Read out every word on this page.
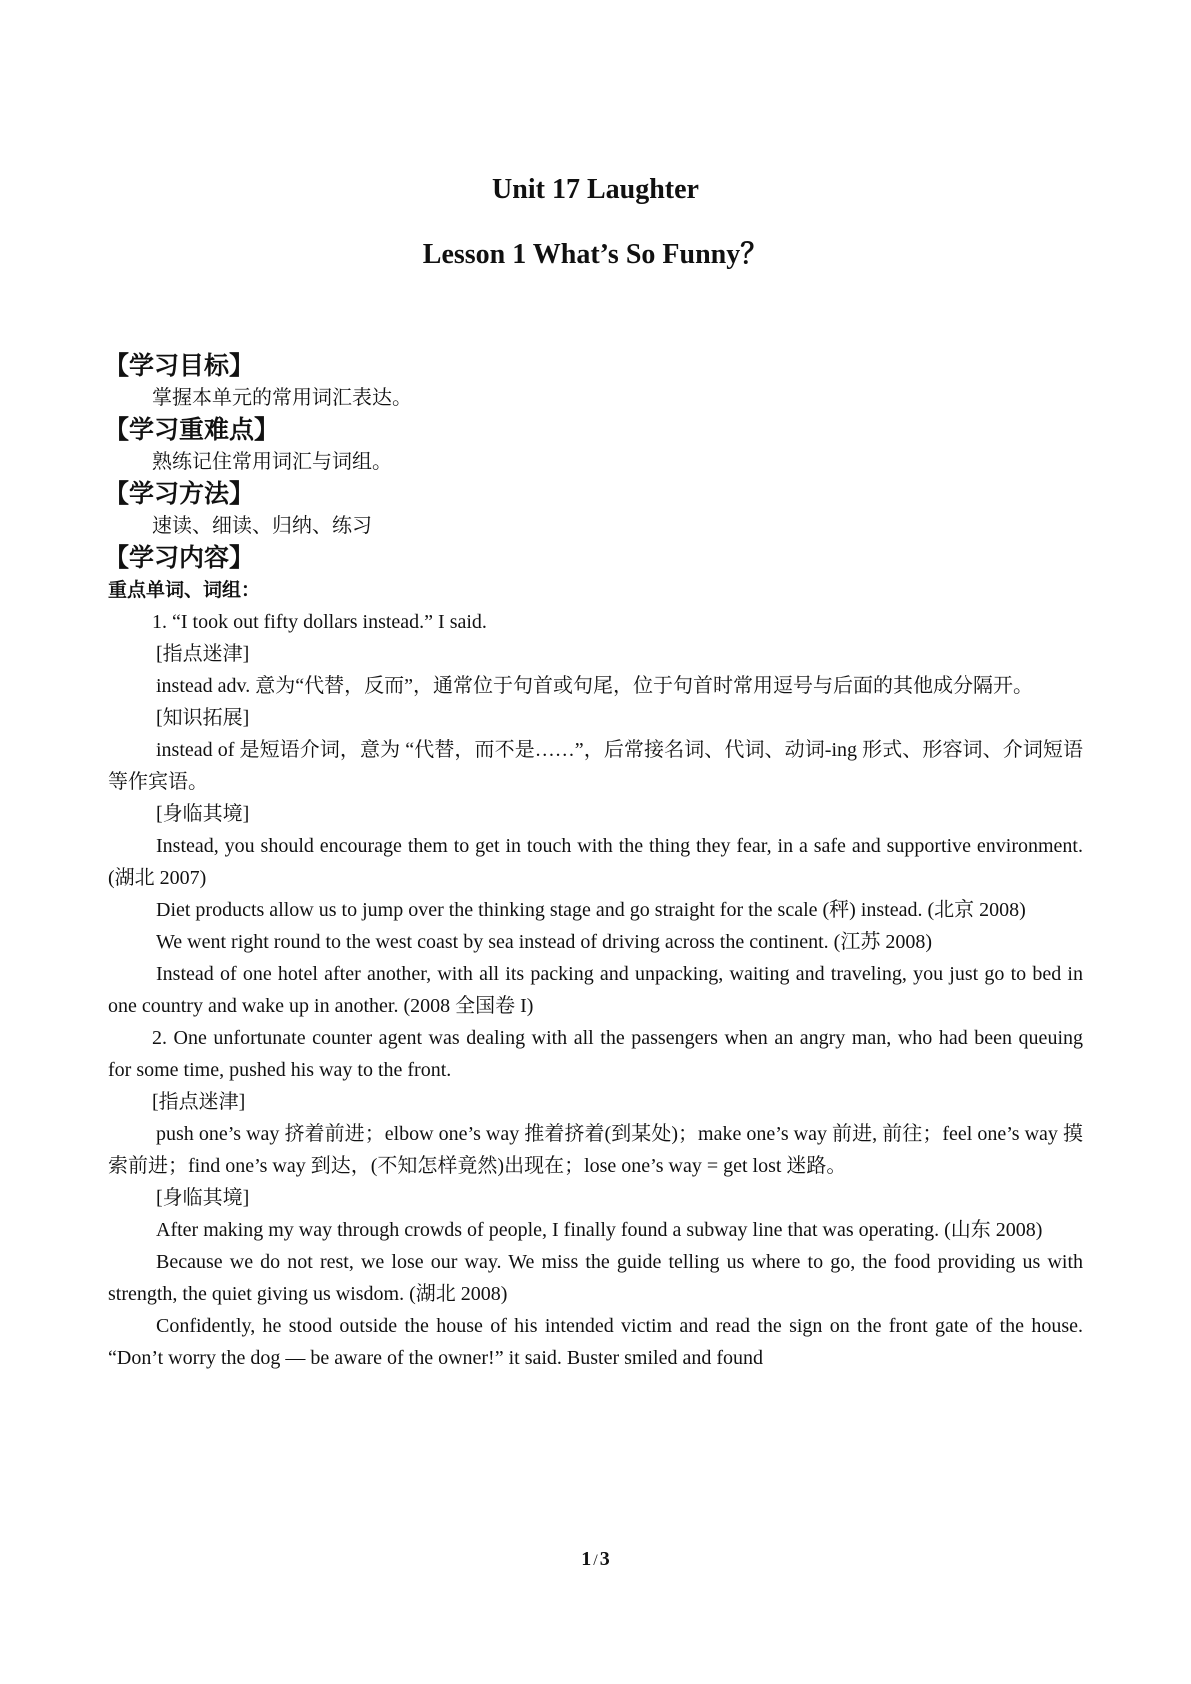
Unit 17 Laughter
Lesson 1 What’s So Funny？
【学习目标】
掌握本单元的常用词汇表达。
【学习重难点】
熟练记住常用词汇与词组。
【学习方法】
速读、细读、归纳、练习
【学习内容】
重点单词、词组：

1. “I took out fifty dollars instead.” I said.

[指点迷津]

instead adv. 意为“代替，反而”，通常位于句首或句尾，位于句首时常用逗号与后面的其他成分隔开。

[知识拓展]

instead of 是短语介词，意为 “代替，而不是……”，后常接名词、代词、动词-ing 形式、形容词、介词短语等作宾语。

[身临其境]

Instead, you should encourage them to get in touch with the thing they fear, in a safe and supportive environment. (湖北 2007)

Diet products allow us to jump over the thinking stage and go straight for the scale (秤) instead. (北京 2008)

We went right round to the west coast by sea instead of driving across the continent. (江苏 2008)

Instead of one hotel after another, with all its packing and unpacking, waiting and traveling, you just go to bed in one country and wake up in another. (2008 全国卷 I)

2. One unfortunate counter agent was dealing with all the passengers when an angry man, who had been queuing for some time, pushed his way to the front.

[指点迷津]

push one’s way 挤着前进；elbow one’s way 推着挤着(到某处)；make one’s way 前进, 前往；feel one’s way 摸索前进；find one’s way 到达，(不知怎样竟然)出现在；lose one’s way = get lost 迷路。

[身临其境]

After making my way through crowds of people, I finally found a subway line that was operating. (山东 2008)

Because we do not rest, we lose our way. We miss the guide telling us where to go, the food providing us with strength, the quiet giving us wisdom. (湖北 2008)

Confidently, he stood outside the house of his intended victim and read the sign on the front gate of the house. “Don’t worry the dog — be aware of the owner!” it said. Buster smiled and found

1 / 3
